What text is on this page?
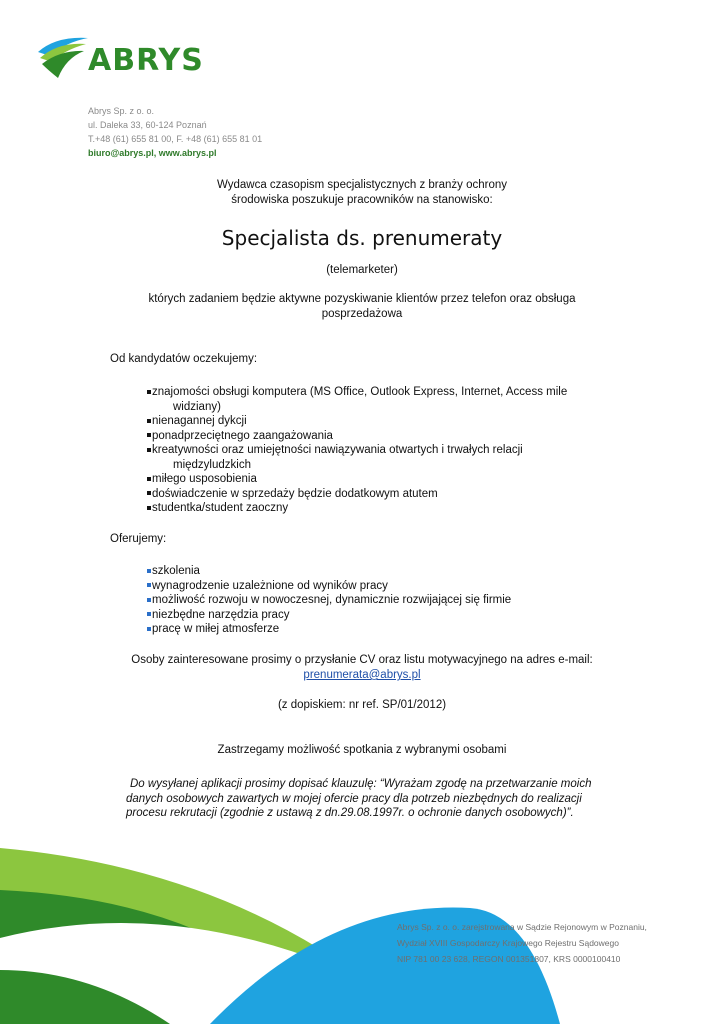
ABRYS
Abrys Sp. z o. o.
ul. Daleka 33, 60-124 Poznań
T.+48 (61) 655 81 00, F. +48 (61) 655 81 01
biuro@abrys.pl, www.abrys.pl
Wydawca czasopism specjalistycznych z branży ochrony
środowiska poszukuje pracowników na stanowisko:
Specjalista ds. prenumeraty
(telemarketer)
których zadaniem będzie aktywne pozyskiwanie klientów przez telefon oraz obsługa
posprzedażowa
Od kandydatów oczekujemy:
znajomości obsługi komputera (MS Office, Outlook Express, Internet, Access mile
widziany)
nienagannej dykcji
ponadprzeciętnego zaangażowania
kreatywności oraz umiejętności nawiązywania otwartych i trwałych relacji
międzyludzkich
miłego usposobienia
doświadczenie w sprzedaży będzie dodatkowym atutem
studentka/student zaoczny
Oferujemy:
szkolenia
wynagrodzenie uzależnione od wyników pracy
możliwość rozwoju w nowoczesnej, dynamicznie rozwijającej się firmie
niezbędne narzędzia pracy
pracę w miłej atmosferze
Osoby zainteresowane prosimy o przysłanie CV oraz listu motywacyjnego na adres e-mail:
prenumerata@abrys.pl
(z dopiskiem: nr ref. SP/01/2012)
Zastrzegamy możliwość spotkania z wybranymi osobami
Do wysyłanej aplikacji prosimy dopisać klauzulę: “Wyrażam zgodę na przetwarzanie moich
danych osobowych zawartych w mojej ofercie pracy dla potrzeb niezbędnych do realizacji
procesu rekrutacji (zgodnie z ustawą z dn.29.08.1997r. o ochronie danych osobowych)”.
Abrys Sp. z o. o. zarejstrowana w Sądzie Rejonowym w Poznaniu,
Wydział XVIII Gospodarczy Krajowego Rejestru Sądowego
NIP 781 00 23 628, REGON 001351807, KRS 0000100410
